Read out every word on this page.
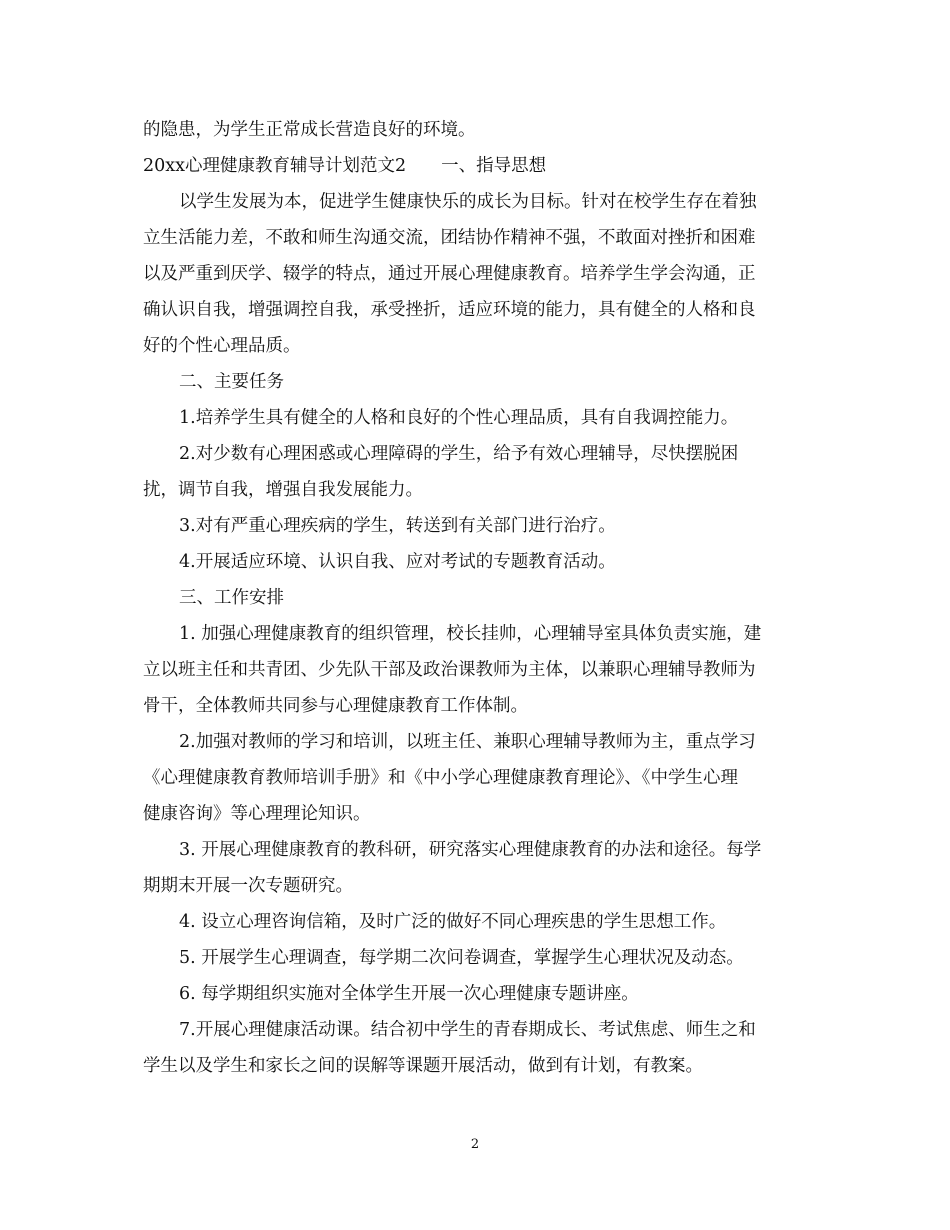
的隐患，为学生正常成长营造良好的环境。

20xx心理健康教育辅导计划范文2　　一、指导思想

以学生发展为本，促进学生健康快乐的成长为目标。针对在校学生存在着独

立生活能力差，不敢和师生沟通交流，团结协作精神不强，不敢面对挫折和困难

以及严重到厌学、辍学的特点，通过开展心理健康教育。培养学生学会沟通，正

确认识自我，增强调控自我，承受挫折，适应环境的能力，具有健全的人格和良

好的个性心理品质。

二、主要任务

1.培养学生具有健全的人格和良好的个性心理品质，具有自我调控能力。

2.对少数有心理困惑或心理障碍的学生，给予有效心理辅导，尽快摆脱困

扰，调节自我，增强自我发展能力。

3.对有严重心理疾病的学生，转送到有关部门进行治疗。

4.开展适应环境、认识自我、应对考试的专题教育活动。

三、工作安排

1. 加强心理健康教育的组织管理，校长挂帅，心理辅导室具体负责实施，建

立以班主任和共青团、少先队干部及政治课教师为主体，以兼职心理辅导教师为

骨干，全体教师共同参与心理健康教育工作体制。

2.加强对教师的学习和培训，以班主任、兼职心理辅导教师为主，重点学习

《心理健康教育教师培训手册》和《中小学心理健康教育理论》、《中学生心理

健康咨询》等心理理论知识。

3. 开展心理健康教育的教科研，研究落实心理健康教育的办法和途径。每学

期期末开展一次专题研究。

4. 设立心理咨询信箱，及时广泛的做好不同心理疾患的学生思想工作。

5. 开展学生心理调查，每学期二次问卷调查，掌握学生心理状况及动态。

6. 每学期组织实施对全体学生开展一次心理健康专题讲座。

7.开展心理健康活动课。结合初中学生的青春期成长、考试焦虑、师生之和

学生以及学生和家长之间的误解等课题开展活动，做到有计划，有教案。

2
